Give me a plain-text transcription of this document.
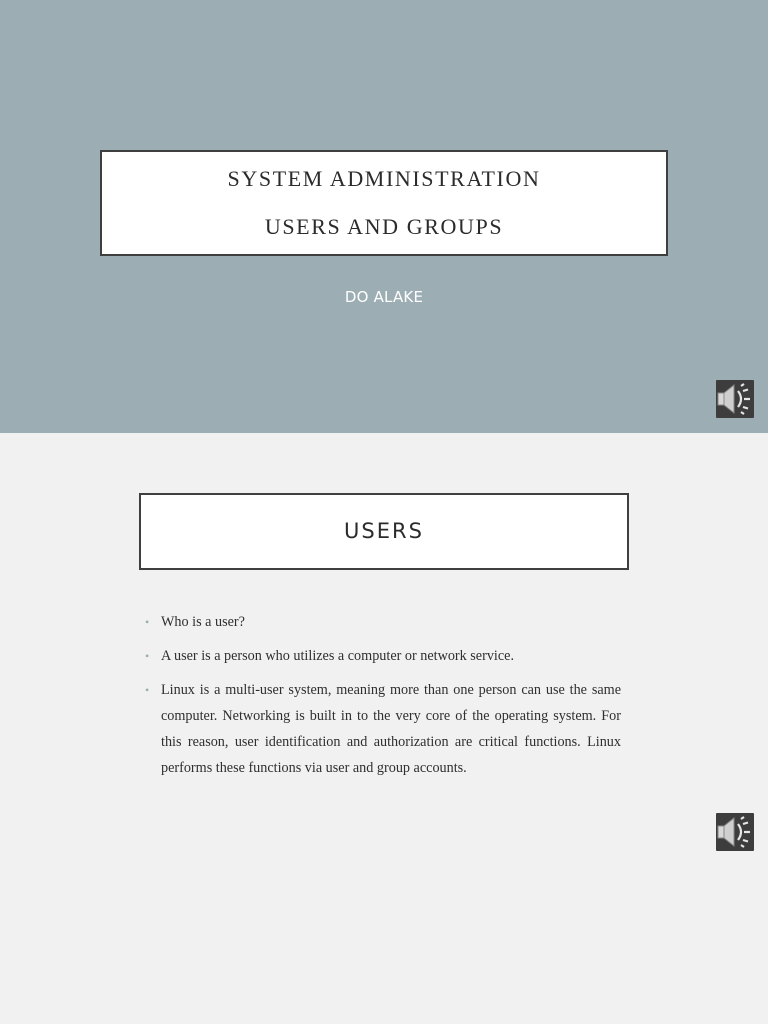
SYSTEM ADMINISTRATION
USERS AND GROUPS
DO ALAKE
USERS
• Who is a user?
• A user is a person who utilizes a computer or network service.
• Linux is a multi-user system, meaning more than one person can use the same computer. Networking is built in to the very core of the operating system. For this reason, user identification and authorization are critical functions. Linux performs these functions via user and group accounts.
